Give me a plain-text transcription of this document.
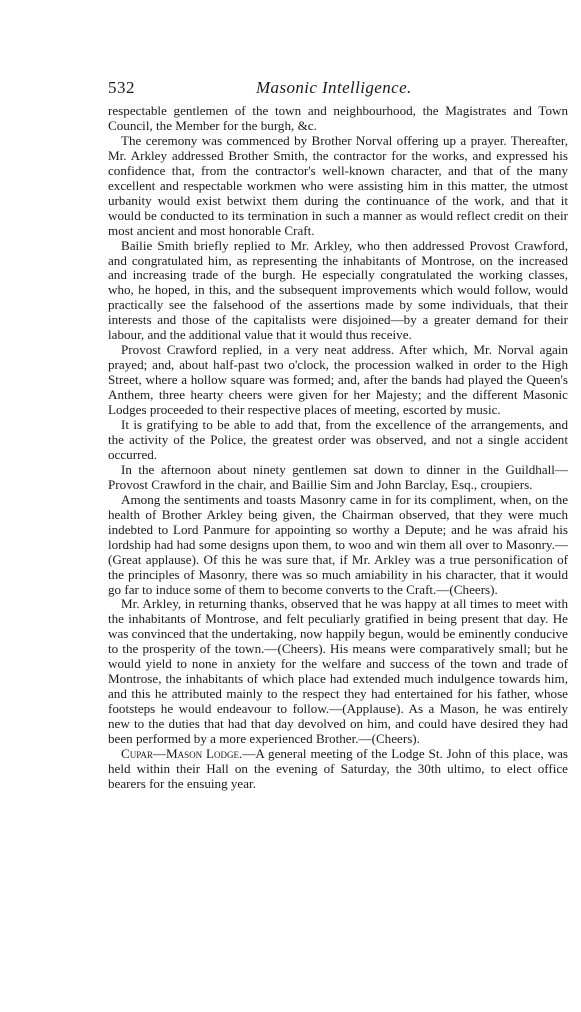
532	Masonic Intelligence.

respectable gentlemen of the town and neighbourhood, the Magistrates and Town Council, the Member for the burgh, &c.

The ceremony was commenced by Brother Norval offering up a prayer. Thereafter, Mr. Arkley addressed Brother Smith, the contractor for the works, and expressed his confidence that, from the contractor's well-known character, and that of the many excellent and respectable workmen who were assisting him in this matter, the utmost urbanity would exist betwixt them during the continuance of the work, and that it would be conducted to its termination in such a manner as would reflect credit on their most ancient and most honorable Craft.

Bailie Smith briefly replied to Mr. Arkley, who then addressed Provost Crawford, and congratulated him, as representing the inhabitants of Montrose, on the increased and increasing trade of the burgh. He especially congratulated the working classes, who, he hoped, in this, and the subsequent improvements which would follow, would practically see the falsehood of the assertions made by some individuals, that their interests and those of the capitalists were disjoined—by a greater demand for their labour, and the additional value that it would thus receive.

Provost Crawford replied, in a very neat address. After which, Mr. Norval again prayed; and, about half-past two o'clock, the procession walked in order to the High Street, where a hollow square was formed; and, after the bands had played the Queen's Anthem, three hearty cheers were given for her Majesty; and the different Masonic Lodges proceeded to their respective places of meeting, escorted by music.

It is gratifying to be able to add that, from the excellence of the arrangements, and the activity of the Police, the greatest order was observed, and not a single accident occurred.

In the afternoon about ninety gentlemen sat down to dinner in the Guildhall—Provost Crawford in the chair, and Baillie Sim and John Barclay, Esq., croupiers.

Among the sentiments and toasts Masonry came in for its compliment, when, on the health of Brother Arkley being given, the Chairman observed, that they were much indebted to Lord Panmure for appointing so worthy a Depute; and he was afraid his lordship had had some designs upon them, to woo and win them all over to Masonry.—(Great applause). Of this he was sure that, if Mr. Arkley was a true personification of the principles of Masonry, there was so much amiability in his character, that it would go far to induce some of them to become converts to the Craft.—(Cheers).

Mr. Arkley, in returning thanks, observed that he was happy at all times to meet with the inhabitants of Montrose, and felt peculiarly gratified in being present that day. He was convinced that the undertaking, now happily begun, would be eminently conducive to the prosperity of the town.—(Cheers). His means were comparatively small; but he would yield to none in anxiety for the welfare and success of the town and trade of Montrose, the inhabitants of which place had extended much indulgence towards him, and this he attributed mainly to the respect they had entertained for his father, whose footsteps he would endeavour to follow.—(Applause). As a Mason, he was entirely new to the duties that had that day devolved on him, and could have desired they had been performed by a more experienced Brother.—(Cheers).

Cupar—Mason Lodge.—A general meeting of the Lodge St. John of this place, was held within their Hall on the evening of Saturday, the 30th ultimo, to elect office bearers for the ensuing year.
